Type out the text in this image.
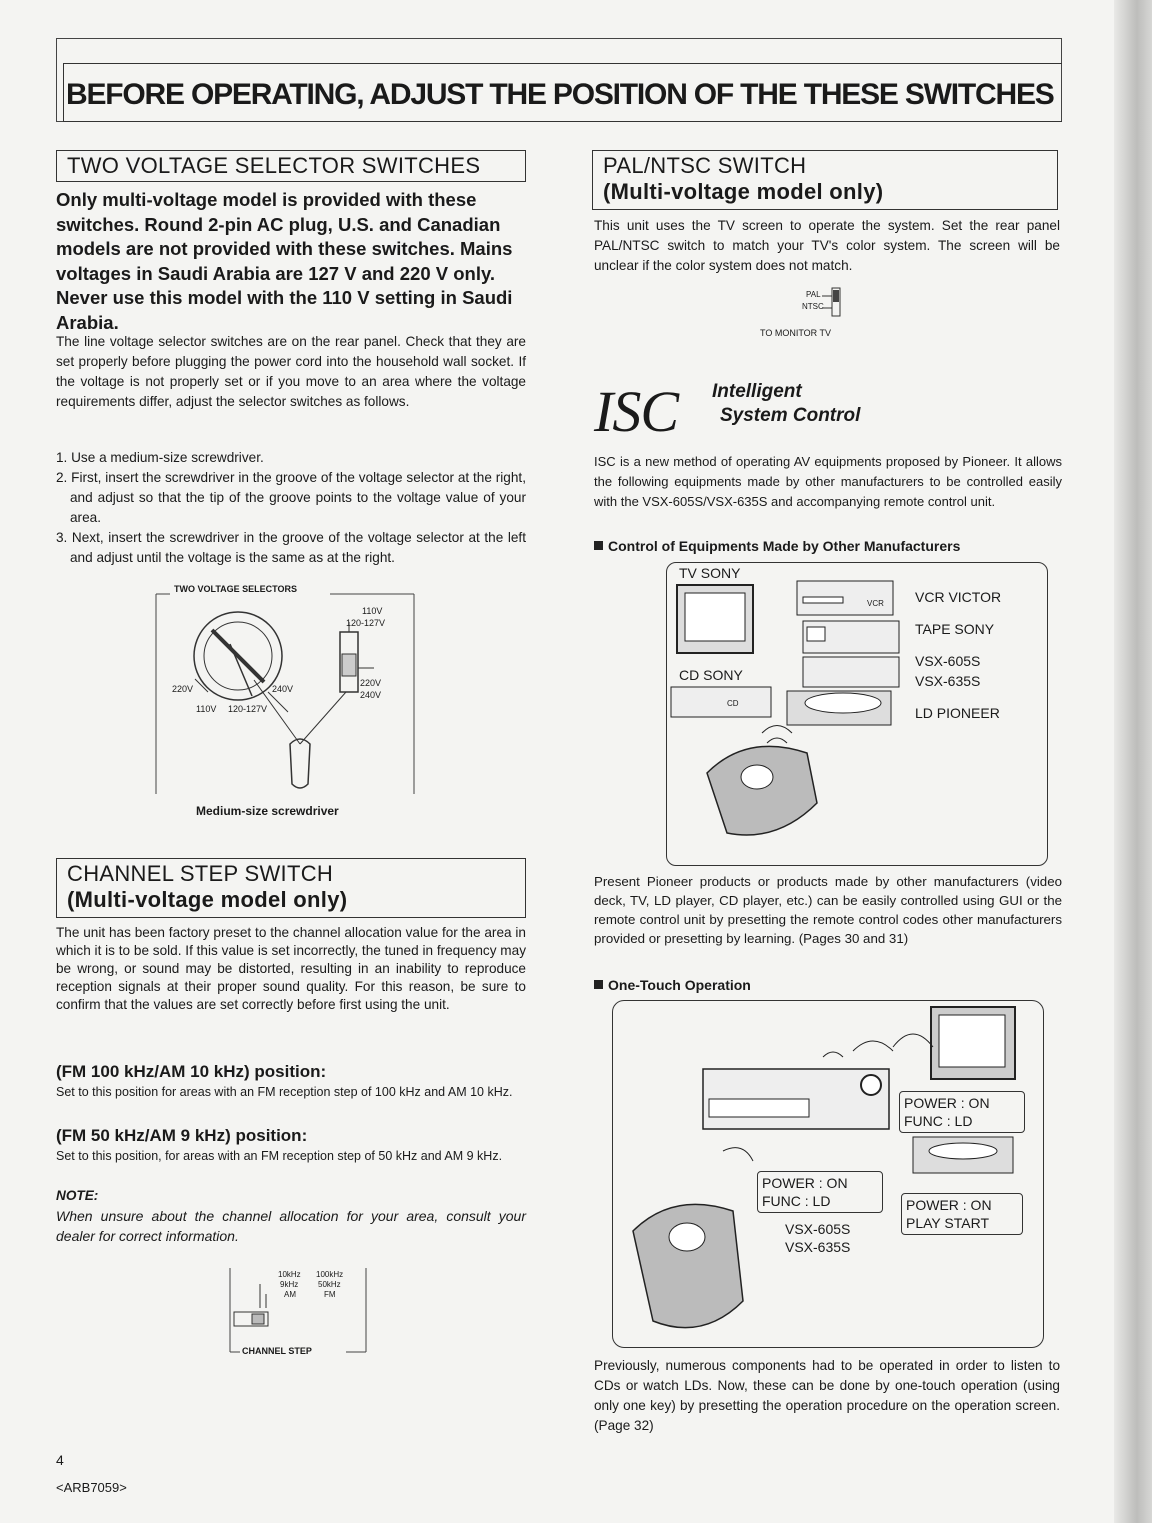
BEFORE OPERATING, ADJUST THE POSITION OF THE THESE SWITCHES
TWO VOLTAGE SELECTOR SWITCHES
Only multi-voltage model is provided with these switches. Round 2-pin AC plug, U.S. and Canadian models are not provided with these switches. Mains voltages in Saudi Arabia are 127 V and 220 V only. Never use this model with the 110 V setting in Saudi Arabia.
The line voltage selector switches are on the rear panel. Check that they are set properly before plugging the power cord into the household wall socket. If the voltage is not properly set or if you move to an area where the voltage requirements differ, adjust the selector switches as follows.
1. Use a medium-size screwdriver.
2. First, insert the screwdriver in the groove of the voltage selector at the right, and adjust so that the tip of the groove points to the voltage value of your area.
3. Next, insert the screwdriver in the groove of the voltage selector at the left and adjust until the voltage is the same as at the right.
TWO VOLTAGE SELECTORS
110V
120-127V
220V	240V
220V
240V
110V 120-127V
Medium-size screwdriver
CHANNEL STEP SWITCH
(Multi-voltage model only)
The unit has been factory preset to the channel allocation value for the area in which it is to be sold. If this value is set incorrectly, the tuned in frequency may be wrong, or sound may be distorted, resulting in an inability to reproduce reception signals at their proper sound quality. For this reason, be sure to confirm that the values are set correctly before first using the unit.
(FM 100 kHz/AM 10 kHz) position:
Set to this position for areas with an FM reception step of 100 kHz and AM 10 kHz.
(FM 50 kHz/AM 9 kHz) position:
Set to this position, for areas with an FM reception step of 50 kHz and AM 9 kHz.
NOTE:
When unsure about the channel allocation for your area, consult your dealer for correct information.
10kHz 100kHz
9kHz 50kHz
AM	FM
CHANNEL STEP
4
<ARB7059>
PAL/NTSC SWITCH
(Multi-voltage model only)
This unit uses the TV screen to operate the system. Set the rear panel PAL/NTSC switch to match your TV's color system. The screen will be unclear if the color system does not match.
PAL
NTSC
TO MONITOR TV
ISC Intelligent
System Control
ISC is a new method of operating AV equipments proposed by Pioneer. It allows the following equipments made by other manufacturers to be controlled easily with the VSX-605S/VSX-635S and accompanying remote control unit.
Control of Equipments Made by Other Manufacturers
TV SONY
CD SONY
VCR VICTOR
TAPE SONY
VSX-605S
VSX-635S
LD PIONEER
VCR
CD
Present Pioneer products or products made by other manufacturers (video deck, TV, LD player, CD player, etc.) can be easily controlled using GUI or the remote control unit by presetting the remote control codes other manufacturers provided or presetting by learning. (Pages 30 and 31)
One-Touch Operation
POWER : ON
FUNC : LD
POWER : ON
FUNC : LD	POWER : ON
PLAY START
VSX-605S
VSX-635S
Previously, numerous components had to be operated in order to listen to CDs or watch LDs. Now, these can be done by one-touch operation (using only one key) by presetting the operation procedure on the operation screen. (Page 32)
